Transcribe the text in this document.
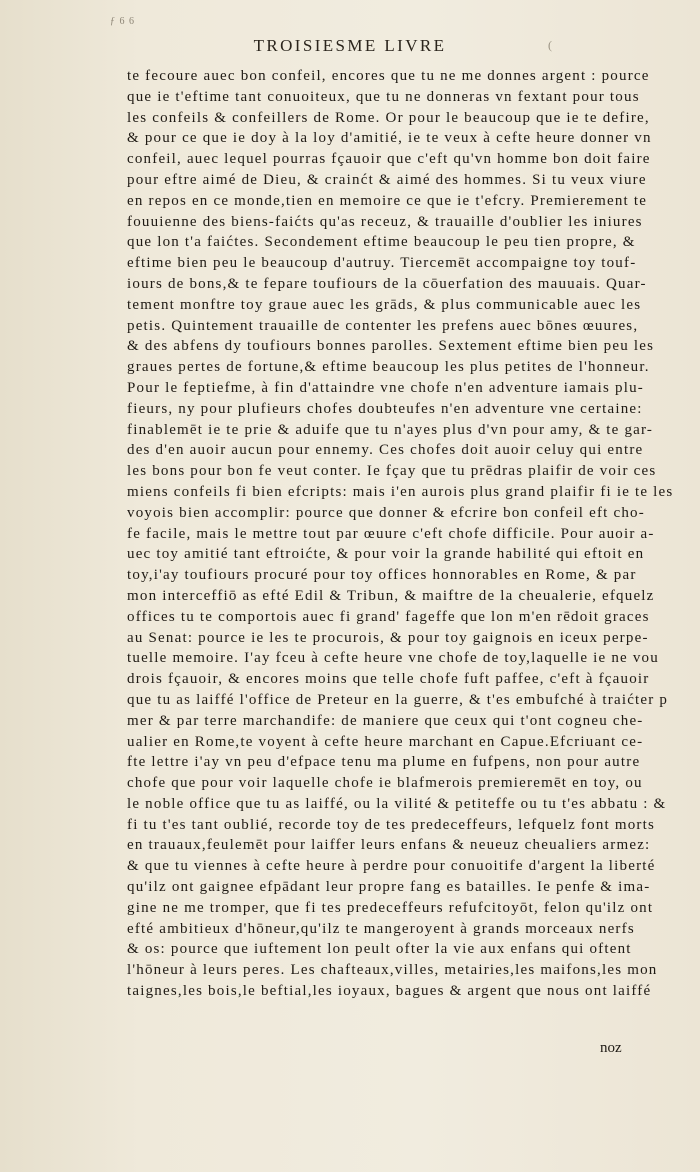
ƒ 6 6
TROISIESME LIVRE	(
te fecoure auec bon confeil, encores que tu ne me donnes argent : pource
que ie t'eftime tant conuoiteux, que tu ne donneras vn fextant pour tous
les confeils & confeillers de Rome. Or pour le beaucoup que ie te defire,
& pour ce que ie doy à la loy d'amitié, ie te veux à cefte heure donner vn
confeil, auec lequel pourras fçauoir que c'eft qu'vn homme bon doit faire
pour eftre aimé de Dieu, & crainćt & aimé des hommes. Si tu veux viure
en repos en ce monde,tien en memoire ce que ie t'efcry. Premierement te
fouuienne des biens-faićts qu'as receuz, & trauaille d'oublier les iniures
que lon t'a faićtes. Secondement eftime beaucoup le peu tien propre, &
eftime bien peu le beaucoup d'autruy. Tiercemēt accompaigne toy touf-
iours de bons,& te fepare toufiours de la cōuerfation des mauuais. Quar-
tement monftre toy graue auec les grāds, & plus communicable auec les
petis. Quintement trauaille de contenter les prefens auec bōnes œuures,
& des abfens dy toufiours bonnes parolles. Sextement eftime bien peu les
graues pertes de fortune,& eftime beaucoup les plus petites de l'honneur.
Pour le feptiefme, à fin d'attaindre vne chofe n'en adventure iamais plu-
fieurs, ny pour plufieurs chofes doubteufes n'en adventure vne certaine:
finablemēt ie te prie & aduife que tu n'ayes plus d'vn pour amy, & te gar-
des d'en auoir aucun pour ennemy. Ces chofes doit auoir celuy qui entre
les bons pour bon fe veut conter. Ie fçay que tu prēdras plaifir de voir ces
miens confeils fi bien efcripts: mais i'en aurois plus grand plaifir fi ie te les
voyois bien accomplir: pource que donner & efcrire bon confeil eft cho-
fe facile, mais le mettre tout par œuure c'eft chofe difficile. Pour auoir a-
uec toy amitié tant eftroićte, & pour voir la grande habilité qui eftoit en
toy,i'ay toufiours procuré pour toy offices honnorables en Rome, & par
mon interceffiō as efté Edil & Tribun, & maiftre de la cheualerie, efquelz
offices tu te comportois auec fi grand' fageffe que lon m'en rēdoit graces
au Senat: pource ie les te procurois, & pour toy gaignois en iceux perpe-
tuelle memoire. I'ay fceu à cefte heure vne chofe de toy,laquelle ie ne vou
drois fçauoir, & encores moins que telle chofe fuft paffee, c'eft à fçauoir
que tu as laiffé l'office de Preteur en la guerre, & t'es embufché à traićter p
mer & par terre marchandife: de maniere que ceux qui t'ont cogneu che-
ualier en Rome,te voyent à cefte heure marchant en Capue.Efcriuant ce-
fte lettre i'ay vn peu d'efpace tenu ma plume en fufpens, non pour autre
chofe que pour voir laquelle chofe ie blafmerois premieremēt en toy, ou
le noble office que tu as laiffé, ou la vilité & petiteffe ou tu t'es abbatu : &
fi tu t'es tant oublié, recorde toy de tes predeceffeurs, lefquelz font morts
en trauaux,feulemēt pour laiffer leurs enfans & neueuz cheualiers armez:
& que tu viennes à cefte heure à perdre pour conuoitife d'argent la liberté
qu'ilz ont gaignee efpādant leur propre fang es batailles. Ie penfe & ima-
gine ne me tromper, que fi tes predeceffeurs refufcitoyōt, felon qu'ilz ont
efté ambitieux d'hōneur,qu'ilz te mangeroyent à grands morceaux nerfs
& os: pource que iuftement lon peult ofter la vie aux enfans qui oftent
l'hōneur à leurs peres. Les chafteaux,villes, metairies,les maifons,les mon
taignes,les bois,le beftial,les ioyaux, bagues & argent que nous ont laiffé
noz
